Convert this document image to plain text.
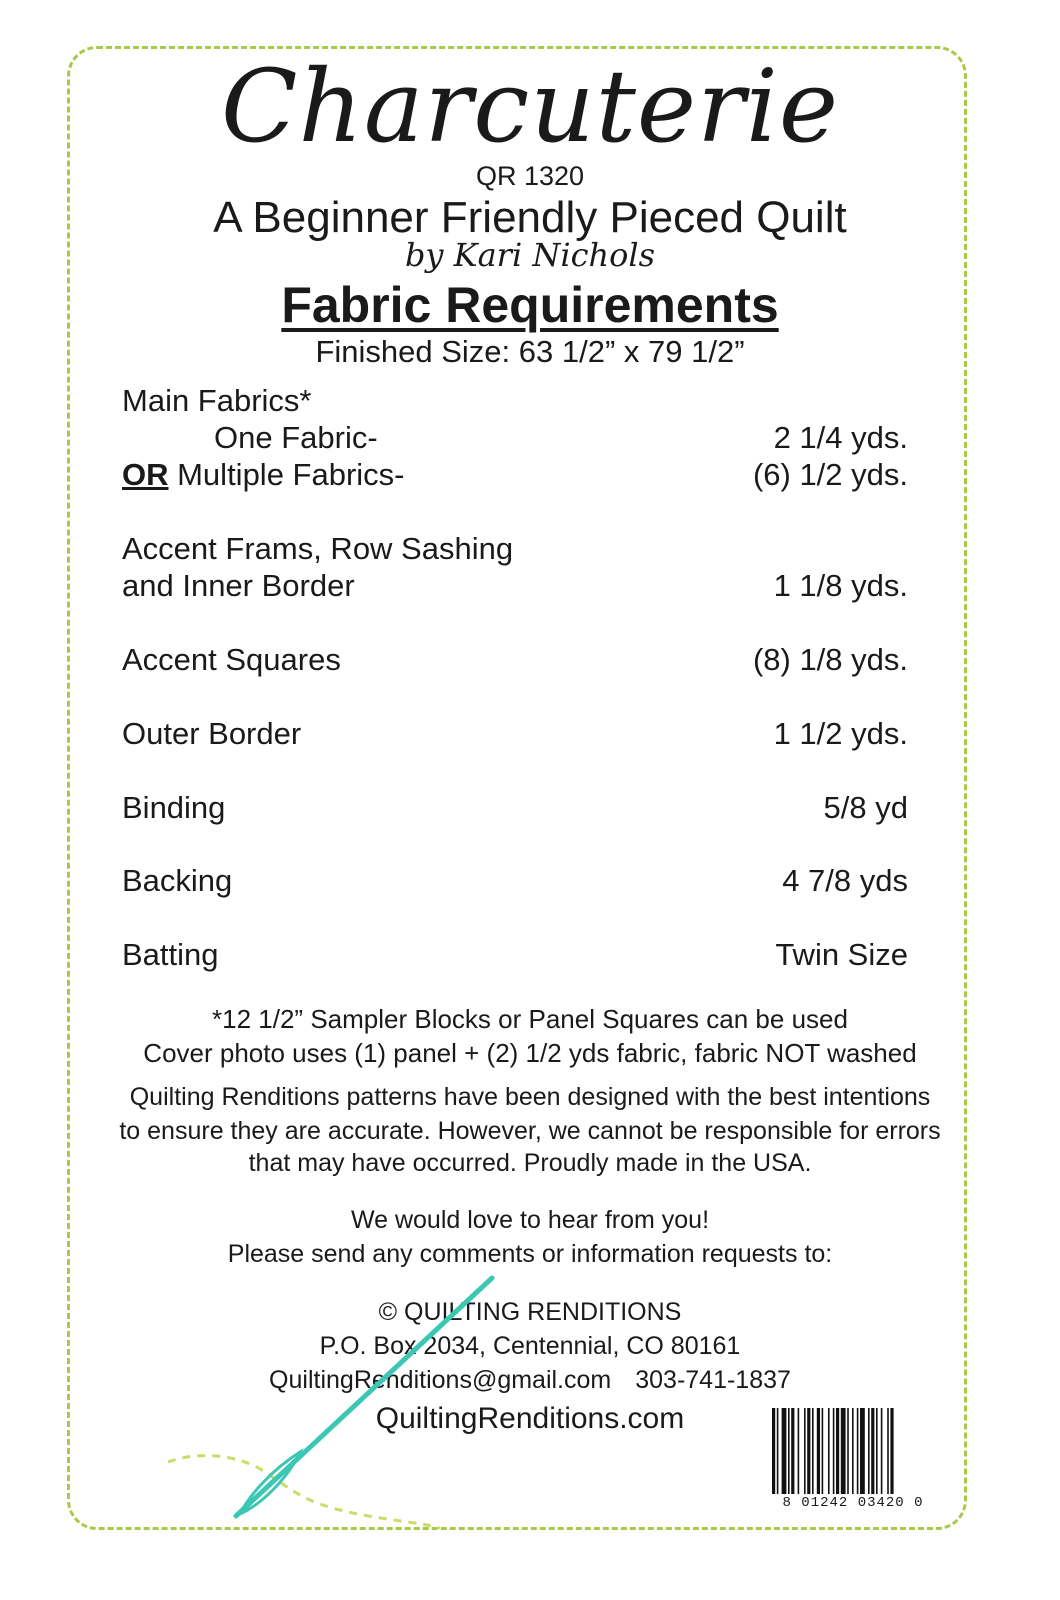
Charcuterie
QR 1320
A Beginner Friendly Pieced Quilt
by Kari Nichols
Fabric Requirements
Finished Size: 63 1/2” x 79 1/2”
Main Fabrics*
One Fabric-	2 1/4 yds.
OR Multiple Fabrics-	(6) 1/2 yds.
Accent Frams, Row Sashing
and Inner Border	1 1/8 yds.
Accent Squares	(8) 1/8 yds.
Outer Border	1 1/2 yds.
Binding	5/8 yd
Backing	4 7/8 yds
Batting	Twin Size
*12 1/2” Sampler Blocks or Panel Squares can be used
Cover photo uses (1) panel + (2) 1/2 yds fabric, fabric NOT washed
Quilting Renditions patterns have been designed with the best intentions
to ensure they are accurate. However, we cannot be responsible for errors
that may have occurred. Proudly made in the USA.
We would love to hear from you!
Please send any comments or information requests to:
© QUILTING RENDITIONS
P.O. Box 2034, Centennial, CO 80161
QuiltingRenditions@gmail.com 303-741-1837
QuiltingRenditions.com
8 01242 03420 0
